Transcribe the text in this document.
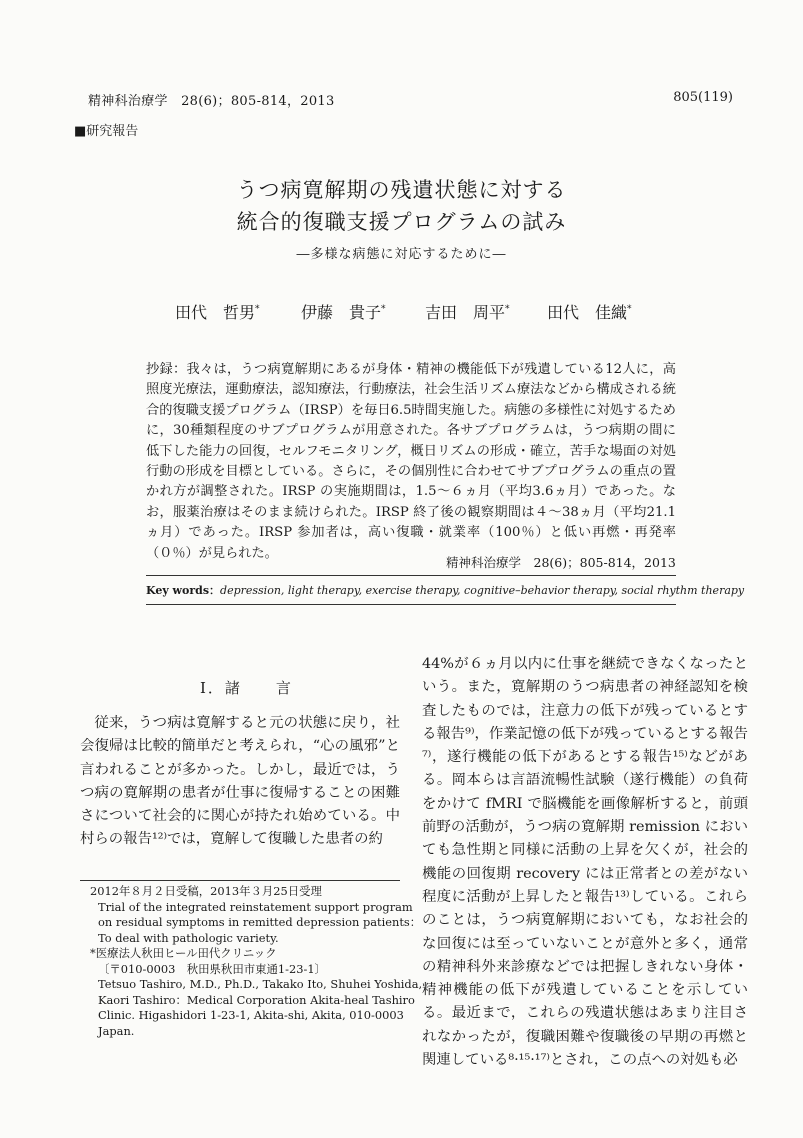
精神科治療学　28(6)；805-814，2013	805(119)
■研究報告
うつ病寛解期の残遺状態に対する
統合的復職支援プログラムの試み
―多様な病態に対応するために―
田代　哲男*	伊藤　貴子* 吉田　周平* 田代　佳織*
抄録：我々は，うつ病寛解期にあるが身体・精神の機能低下が残遺している12人に，高照度光療法，運動療法，認知療法，行動療法，社会生活リズム療法などから構成される統合的復職支援プログラム（IRSP）を毎日6.5時間実施した。病態の多様性に対処するために，30種類程度のサブプログラムが用意された。各サブプログラムは，うつ病期の間に低下した能力の回復，セルフモニタリング，概日リズムの形成・確立，苦手な場面の対処行動の形成を目標としている。さらに，その個別性に合わせてサブプログラムの重点の置かれ方が調整された。IRSP の実施期間は，1.5～６ヵ月（平均3.6ヵ月）であった。なお，服薬治療はそのまま続けられた。IRSP 終了後の観察期間は４～38ヵ月（平均21.1ヵ月）であった。IRSP 参加者は，高い復職・就業率（100％）と低い再燃・再発率（０％）が見られた。
精神科治療学　28(6)；805-814，2013
Key words：depression, light therapy, exercise therapy, cognitive–behavior therapy, social rhythm therapy
Ⅰ．諸　　言

従来，うつ病は寛解すると元の状態に戻り，社会復帰は比較的簡単だと考えられ，“心の風邪”と言われることが多かった。しかし，最近では，うつ病の寛解期の患者が仕事に復帰することの困難さについて社会的に関心が持たれ始めている。中村らの報告¹²⁾では，寛解して復職した患者の約

2012年８月２日受稿，2013年３月25日受理
Trial of the integrated reinstatement support program
on residual symptoms in remitted depression patients：
To deal with pathologic variety.
*医療法人秋田ヒール田代クリニック
〔〒010-0003　秋田県秋田市東通1-23-1〕
Tetsuo Tashiro, M.D., Ph.D., Takako Ito, Shuhei Yoshida,
Kaori Tashiro：Medical Corporation Akita-heal Tashiro
Clinic. Higashidori 1-23-1, Akita-shi, Akita, 010-0003
Japan.

44%が６ヵ月以内に仕事を継続できなくなったという。また，寛解期のうつ病患者の神経認知を検査したものでは，注意力の低下が残っているとする報告⁹⁾，作業記憶の低下が残っているとする報告⁷⁾，遂行機能の低下があるとする報告¹⁵⁾などがある。岡本らは言語流暢性試験（遂行機能）の負荷をかけて fMRI で脳機能を画像解析すると，前頭前野の活動が，うつ病の寛解期 remission においても急性期と同様に活動の上昇を欠くが，社会的機能の回復期 recovery には正常者との差がない程度に活動が上昇したと報告¹³⁾している。これらのことは，うつ病寛解期においても，なお社会的な回復には至っていないことが意外と多く，通常の精神科外来診療などでは把握しきれない身体・精神機能の低下が残遺していることを示している。最近まで，これらの残遺状態はあまり注目されなかったが，復職困難や復職後の早期の再燃と関連している⁸·¹⁵·¹⁷⁾とされ，この点への対処も必
